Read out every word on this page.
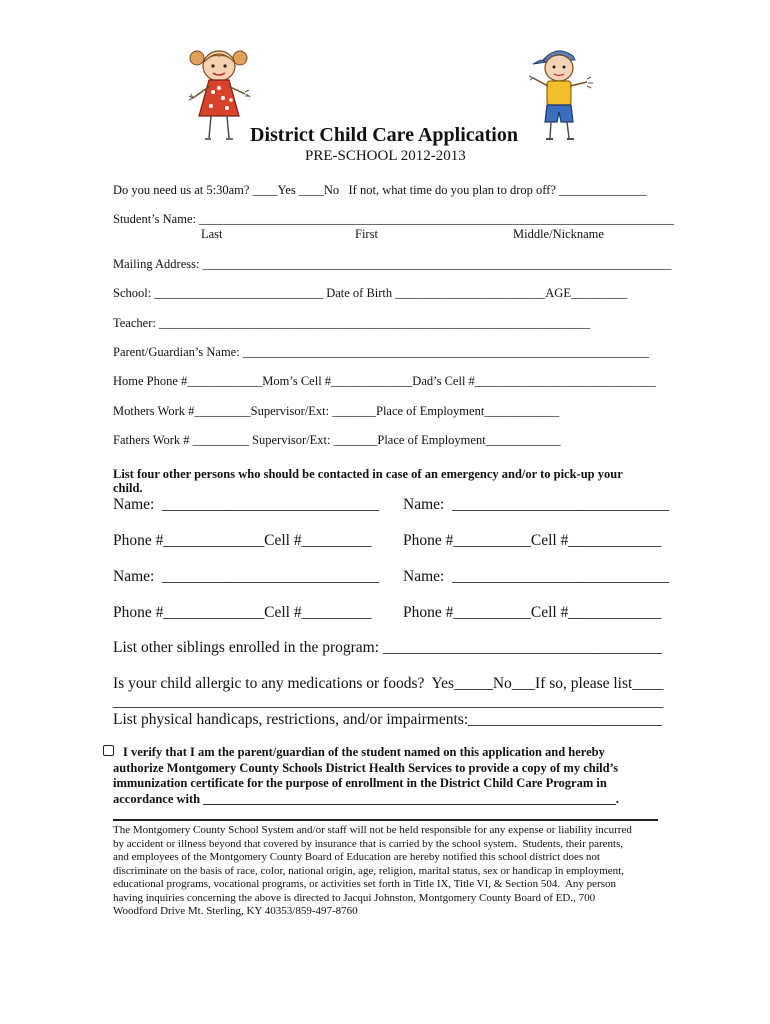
District Child Care Application
PRE-SCHOOL 2012-2013
Do you need us at 5:30am? ____Yes ____No   If not, what time do you plan to drop off? ______________
Student’s Name: ____________________________________________________________________________
Last	First	Middle/Nickname
Mailing Address: ___________________________________________________________________________
School: ___________________________ Date of Birth ________________________AGE_________
Teacher: _____________________________________________________________________
Parent/Guardian’s Name: _________________________________________________________________
Home Phone #____________Mom’s Cell #_____________Dad’s Cell #_____________________________
Mothers Work #_________Supervisor/Ext: _______Place of Employment____________
Fathers Work # _________ Supervisor/Ext: _______Place of Employment____________
List four other persons who should be contacted in case of an emergency and/or to pick-up your
child.
Name:  ____________________________ Name:  ____________________________
Phone #_____________Cell #_________ Phone #__________Cell #____________
Name:  ____________________________ Name:  ____________________________
Phone #_____________Cell #_________ Phone #__________Cell #____________
List other siblings enrolled in the program: ____________________________________
Is your child allergic to any medications or foods?  Yes_____No___If so, please list____
_______________________________________________________________________
List physical handicaps, restrictions, and/or impairments:_________________________
I verify that I am the parent/guardian of the student named on this application and hereby
authorize Montgomery County Schools District Health Services to provide a copy of my child’s
immunization certificate for the purpose of enrollment in the District Child Care Program in
accordance with __________________________________________________________________.
The Montgomery County School System and/or staff will not be held responsible for any expense or liability incurred
by accident or illness beyond that covered by insurance that is carried by the school system.  Students, their parents,
and employees of the Montgomery County Board of Education are hereby notified this school district does not
discriminate on the basis of race, color, national origin, age, religion, marital status, sex or handicap in employment,
educational programs, vocational programs, or activities set forth in Title IX, Title VI, & Section 504.  Any person
having inquiries concerning the above is directed to Jacqui Johnston, Montgomery County Board of ED., 700
Woodford Drive Mt. Sterling, KY 40353/859-497-8760
